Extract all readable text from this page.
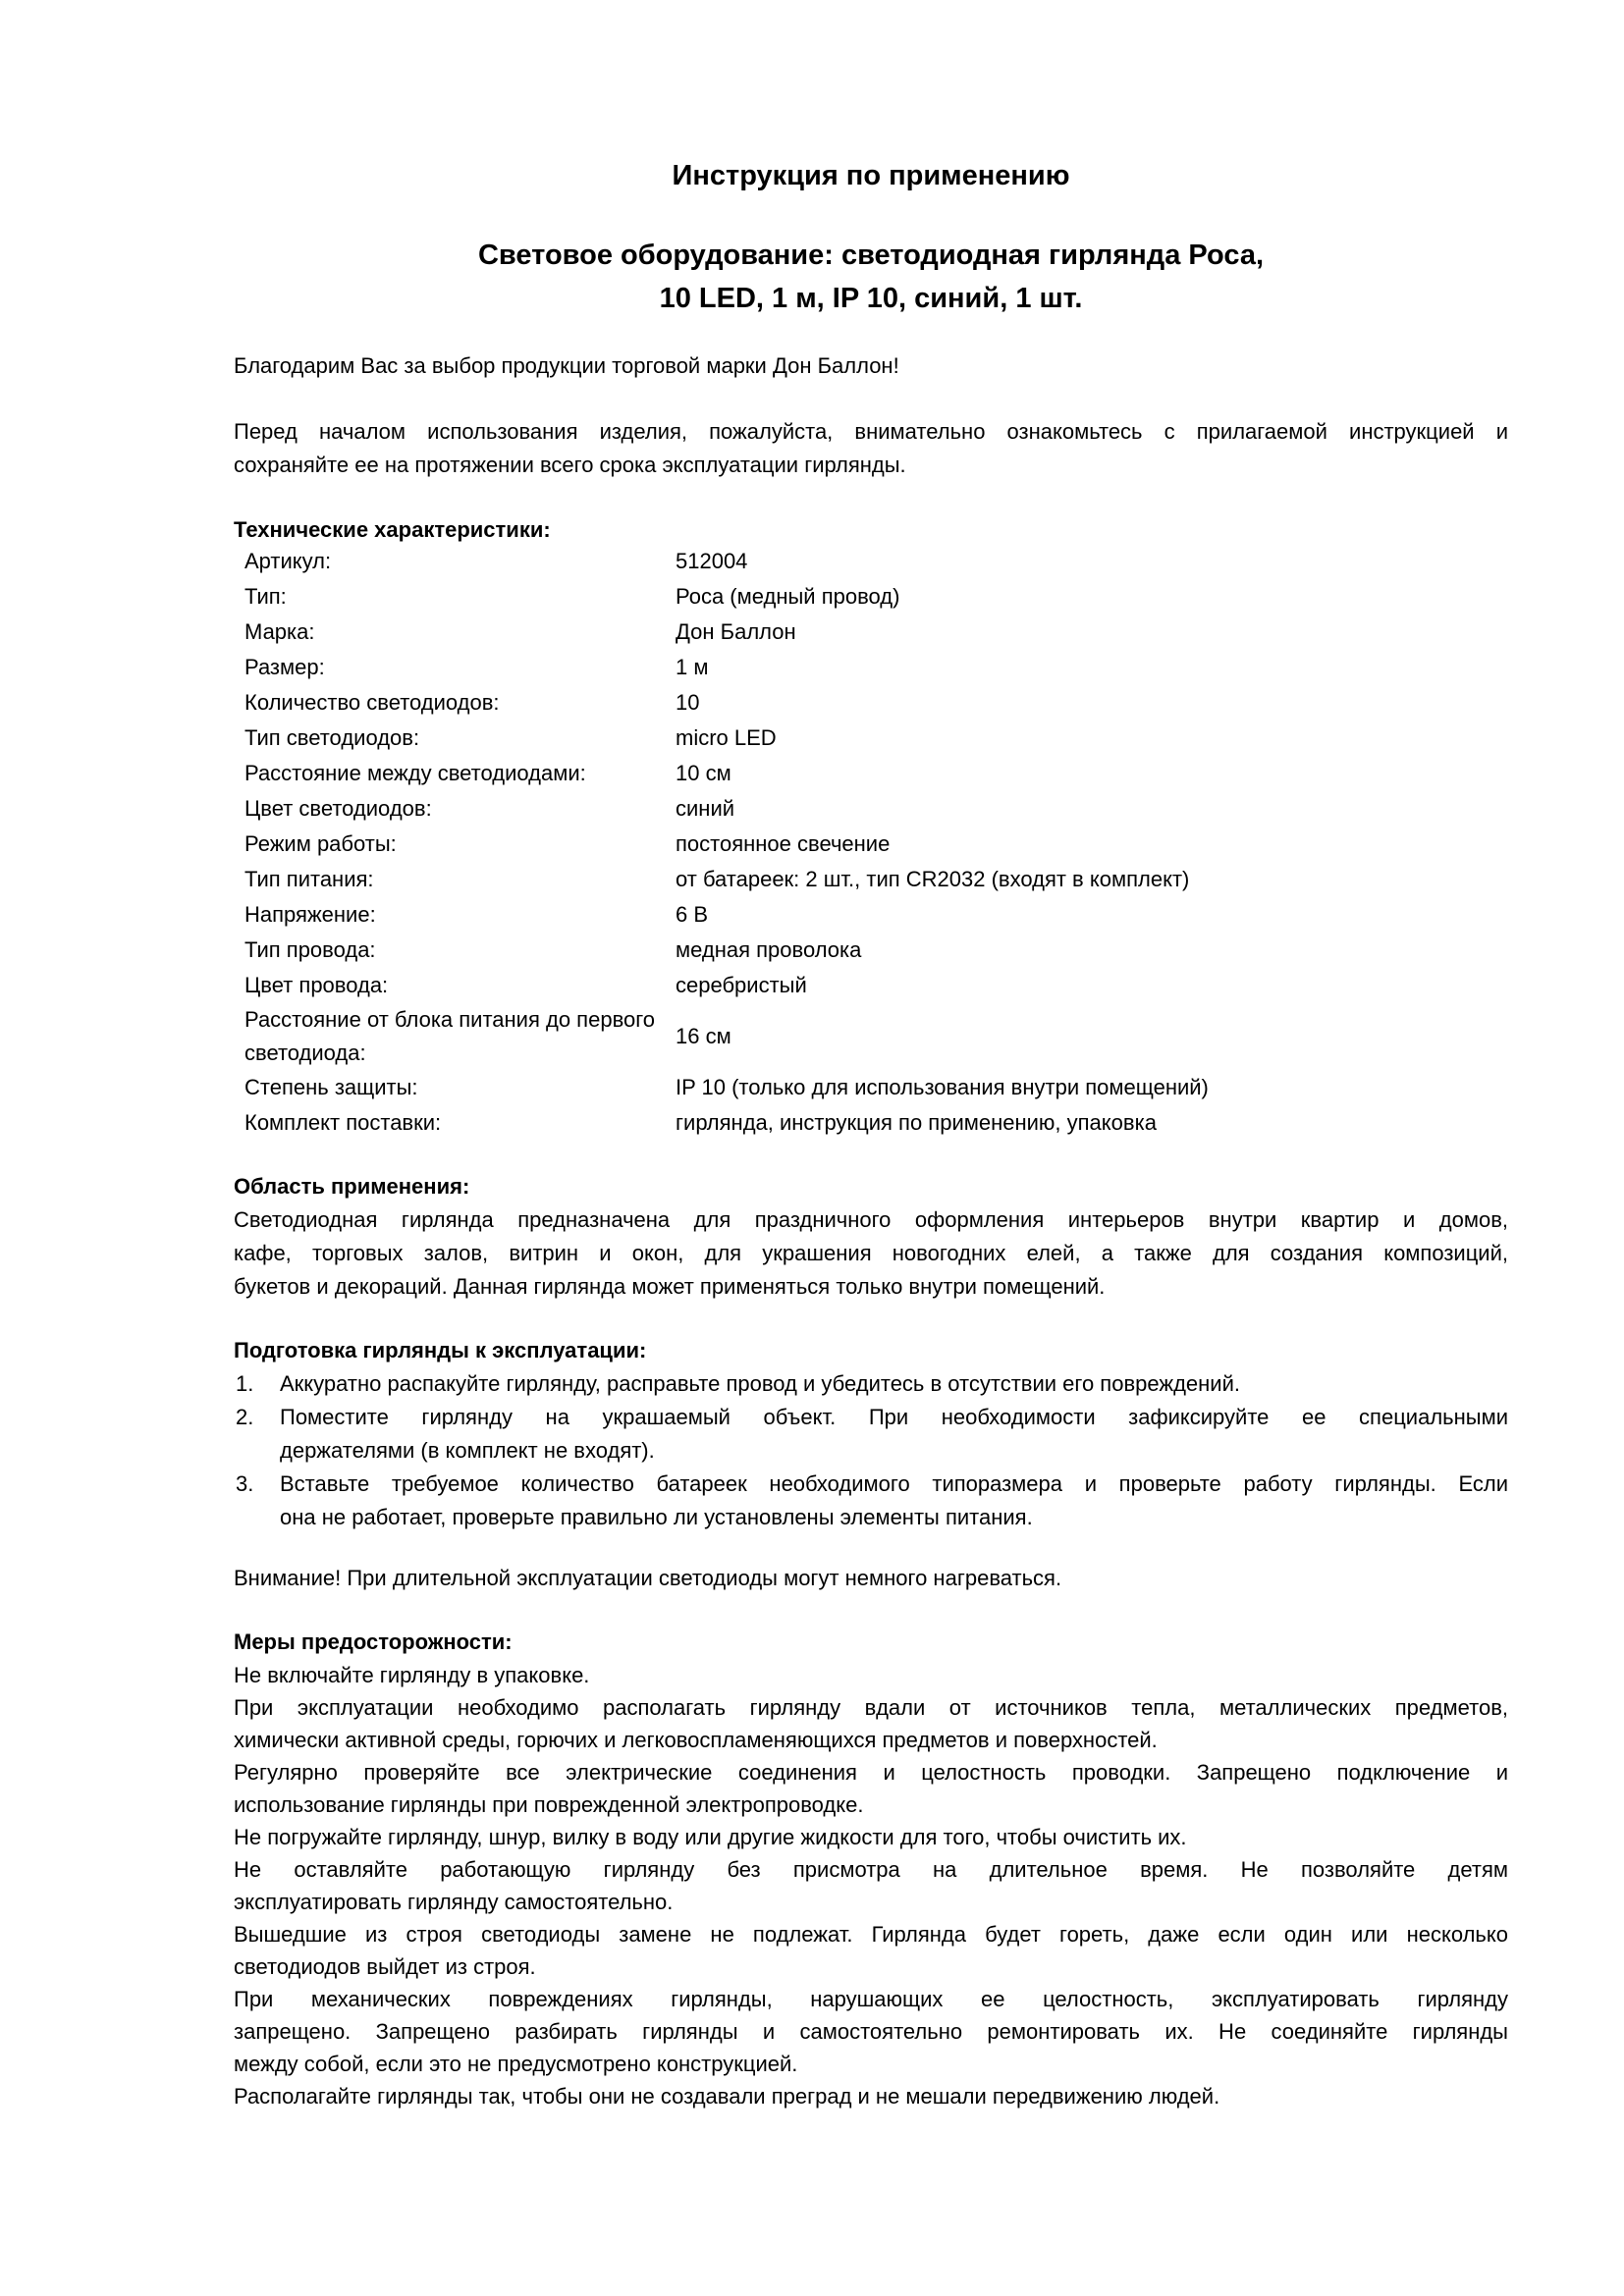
Инструкция по применению
Световое оборудование: светодиодная гирлянда Роса,
10 LED, 1 м, IP 10, синий, 1 шт.
Благодарим Вас за выбор продукции торговой марки Дон Баллон!
Перед началом использования изделия, пожалуйста, внимательно ознакомьтесь с прилагаемой инструкцией и
сохраняйте ее на протяжении всего срока эксплуатации гирлянды.
Технические характеристики:
Артикул:	512004
Тип:	Роса (медный провод)
Марка:	Дон Баллон
Размер:	1 м
Количество светодиодов:	10
Тип светодиодов:	micro LED
Расстояние между светодиодами:	10 см
Цвет светодиодов:	синий
Режим работы:	постоянное свечение
Тип питания:	от батареек: 2 шт., тип CR2032 (входят в комплект)
Напряжение:	6 В
Тип провода:	медная проволока
Цвет провода:	серебристый
Расстояние от блока питания до первого светодиода:
16 см
Степень защиты:	IP 10 (только для использования внутри помещений)
Комплект поставки:	гирлянда, инструкция по применению, упаковка
Область применения:
Светодиодная гирлянда предназначена для праздничного оформления интерьеров внутри квартир и домов,
кафе, торговых залов, витрин и окон, для украшения новогодних елей, а также для создания композиций,
букетов и декораций. Данная гирлянда может применяться только внутри помещений.
Подготовка гирлянды к эксплуатации:
1.	Аккуратно распакуйте гирлянду, расправьте провод и убедитесь в отсутствии его повреждений.
2.	Поместите гирлянду на украшаемый объект. При необходимости зафиксируйте ее специальными
держателями (в комплект не входят).
3.	Вставьте требуемое количество батареек необходимого типоразмера и проверьте работу гирлянды. Если
она не работает, проверьте правильно ли установлены элементы питания.
Внимание! При длительной эксплуатации светодиоды могут немного нагреваться.
Меры предосторожности:
Не включайте гирлянду в упаковке.
При эксплуатации необходимо располагать гирлянду вдали от источников тепла, металлических предметов,
химически активной среды, горючих и легковоспламеняющихся предметов и поверхностей.
Регулярно проверяйте все электрические соединения и целостность проводки. Запрещено подключение и
использование гирлянды при поврежденной электропроводке.
Не погружайте гирлянду, шнур, вилку в воду или другие жидкости для того, чтобы очистить их.
Не оставляйте работающую гирлянду без присмотра на длительное время. Не позволяйте детям
эксплуатировать гирлянду самостоятельно.
Вышедшие из строя светодиоды замене не подлежат. Гирлянда будет гореть, даже если один или несколько
светодиодов выйдет из строя.
При механических повреждениях гирлянды, нарушающих ее целостность, эксплуатировать гирлянду
запрещено. Запрещено разбирать гирлянды и самостоятельно ремонтировать их. Не соединяйте гирлянды
между собой, если это не предусмотрено конструкцией.
Располагайте гирлянды так, чтобы они не создавали преград и не мешали передвижению людей.
